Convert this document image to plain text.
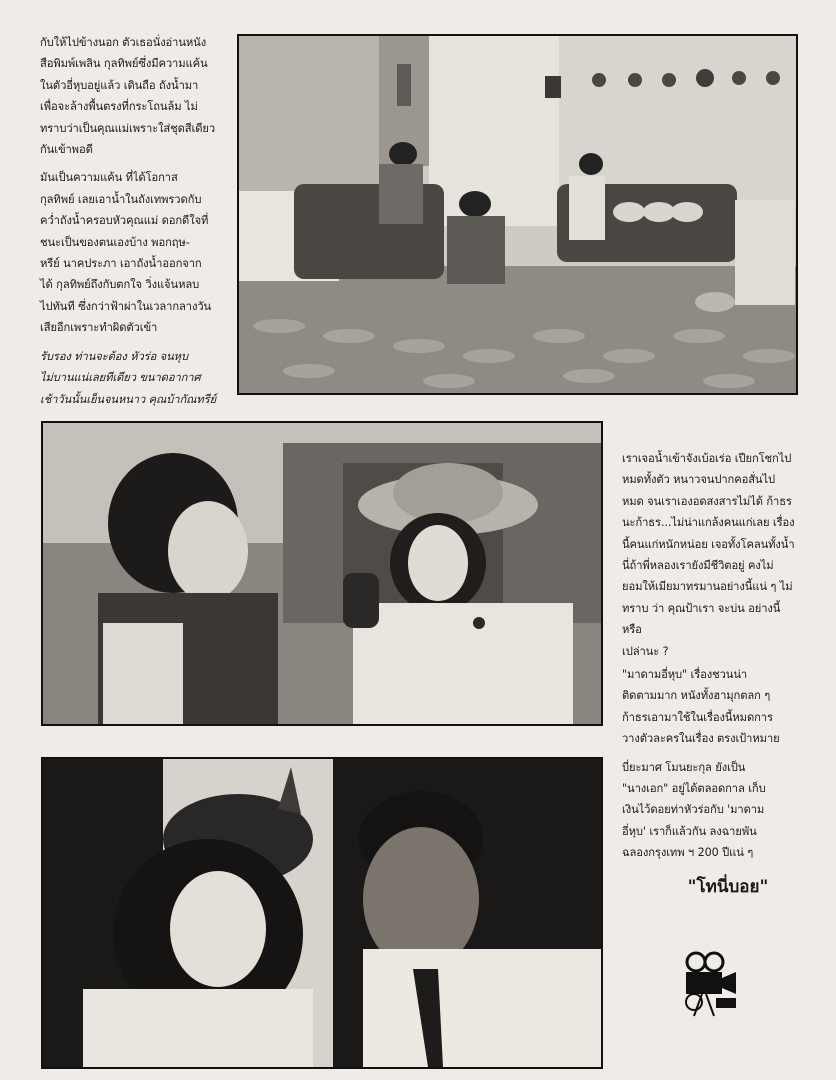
กับให้ไปข้างนอก ตัวเธอนั่งอ่านหนัง
สือพิมพ์เพลิน กุลทิพย์ซึ่งมีความแค้น
ในตัวอี่หุบอยู่แล้ว เดินถือ ถังน้ำมา
เพื่อจะล้างพื้นตรงที่กระโถนล้ม ไม่
ทราบว่าเป็นคุณแม่เพราะใส่ชุดสีเดียว
กันเข้าพอดี

มันเป็นความแค้น ที่ได้โอกาส
กุลทิพย์ เลยเอาน้ำในถังเทพรวดกับ
คว่ำถังน้ำครอบหัวคุณแม่ ดอกดีใจที่
ชนะเป็นของตนเองบ้าง พอกฤษ-
หรีย์ นาคประภา เอาถังน้ำออกจาก
ได้ กุลทิพย์ถึงกับตกใจ วิ่งแจ้นหลบ
ไปทันที ซึ่งกว่าฟ้าผ่าในเวลากลางวัน
เสียอีกเพราะทำผิดตัวเข้า

รับรอง ท่านจะต้อง หัวร่อ จนหุบ
ไม่บานแน่เลยทีเดียว ขนาดอากาศ
เช้าวันนั้นเย็นจนหนาว คุณบ้ากัณทรีย์

เราเจอน้ำเข้าจังเบ้อเร่อ เปียกโชกไป
หมดทั้งตัว หนาวจนปากคอสั่นไป
หมด จนเราเองอดสงสารไม่ได้ ก้าธร
นะก้าธร...ไม่น่าแกล้งคนแก่เลย เรื่อง
นี้คนแก่หนักหน่อย เจอทั้งโคลนทั้งน้ำ
นี่ถ้าพี่หลองเรายังมีชีวิตอยู่ คงไม่
ยอมให้เมียมาทรมานอย่างนี้แน่ ๆ ไม่
ทราบ ว่า คุณป้าเรา จะบ่น อย่างนี้หรือ
เปล่านะ ?

"มาดามอี่หุบ" เรื่องชวนน่า
ติดตามมาก หนังทั้งฮามุกตลก ๆ
ก้าธรเอามาใช้ในเรื่องนี้หมดการ
วางตัวละครในเรื่อง ตรงเป้าหมาย

บี่ยะมาศ โมนยะกุล ยังเป็น
"นางเอก" อยู่ได้ตลอดกาล เก็บ
เงินไว้ดอยท่าหัวร่อกับ 'มาดาม
อี่หุบ' เราก็แล้วกัน ลงฉายพัน
ฉลองกรุงเทพ ฯ 200 ปีแน่ ๆ

"โทนี่บอย"
